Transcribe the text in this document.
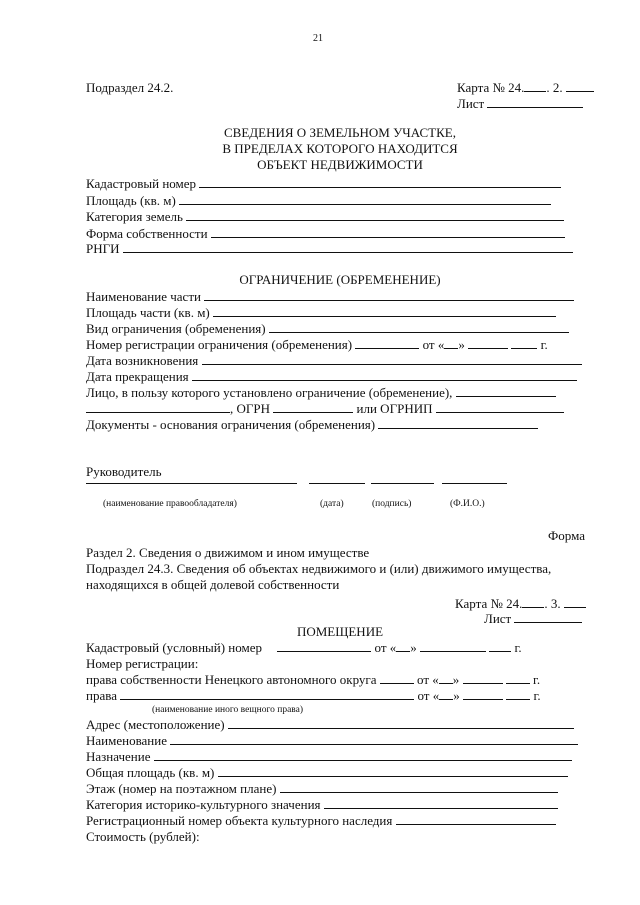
21
Подраздел 24.2.	Карта № 24. . 2.
Лист
СВЕДЕНИЯ О ЗЕМЕЛЬНОМ УЧАСТКЕ,
В ПРЕДЕЛАХ КОТОРОГО НАХОДИТСЯ
ОБЪЕКТ НЕДВИЖИМОСТИ
Кадастровый номер
Площадь (кв. м)
Категория земель
Форма собственности
РНГИ
ОГРАНИЧЕНИЕ (ОБРЕМЕНЕНИЕ)
Наименование части
Площадь части (кв. м)
Вид ограничения (обременения)
Номер регистрации ограничения (обременения)	от « »	г.
Дата возникновения
Дата прекращения
Лицо, в пользу которого установлено ограничение (обременение),
, ОГРН	или ОГРНИП
Документы - основания ограничения (обременения)
Руководитель
(наименование правообладателя)	(дата)	(подпись)	(Ф.И.О.)
Форма
Раздел 2. Сведения о движимом и ином имуществе
Подраздел 24.3. Сведения об объектах недвижимого и (или) движимого имущества,
находящихся в общей долевой собственности
Карта № 24. . 3.
Лист
ПОМЕЩЕНИЕ
Кадастровый (условный) номер	от « »	г.
Номер регистрации:
права собственности Ненецкого автономного округа	от « »	г.
права	от « »	г.
(наименование иного вещного права)
Адрес (местоположение)
Наименование
Назначение
Общая площадь (кв. м)
Этаж (номер на поэтажном плане)
Категория историко-культурного значения
Регистрационный номер объекта культурного наследия
Стоимость (рублей):
